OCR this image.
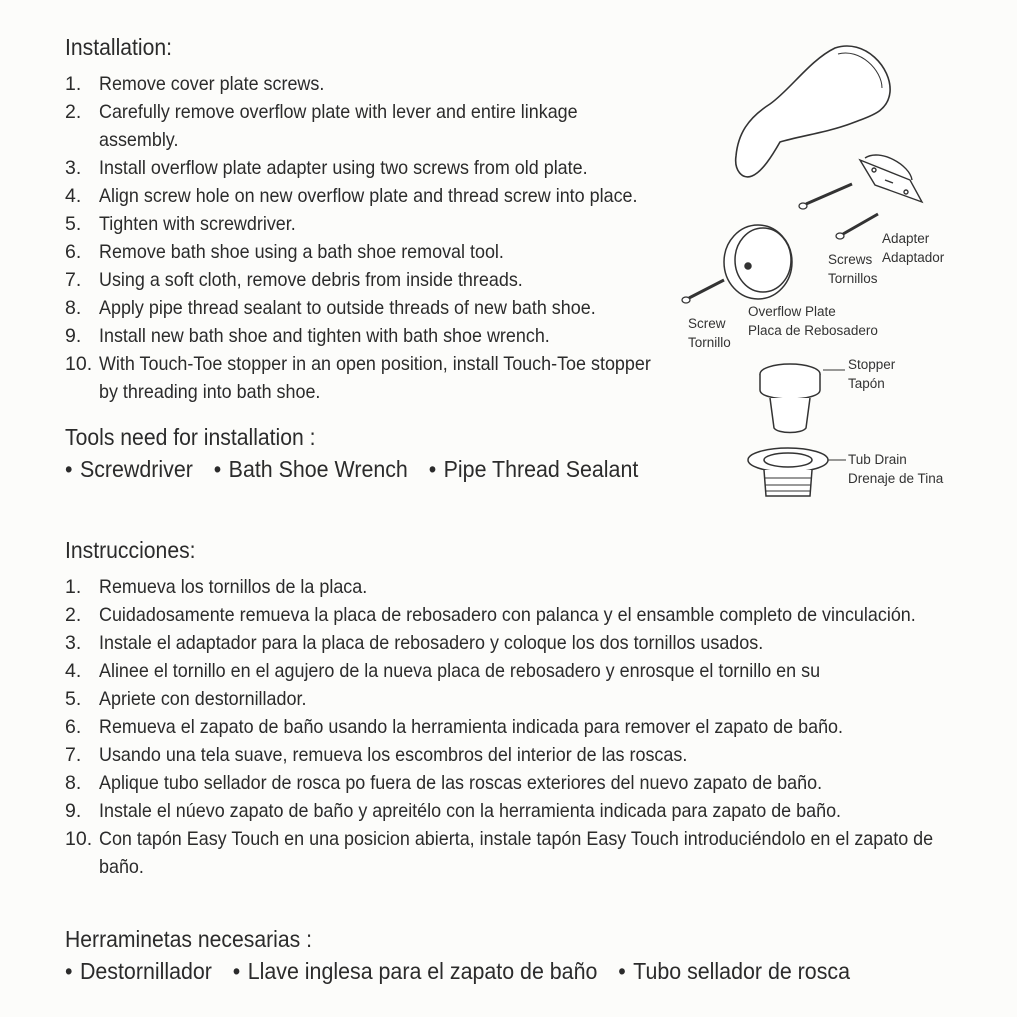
Installation:
1. Remove cover plate screws.
2. Carefully remove overflow plate with lever and entire linkage assembly.
3. Install overflow plate adapter using two screws from old plate.
4. Align screw hole on new overflow plate and thread screw into place.
5. Tighten with screwdriver.
6. Remove bath shoe using a bath shoe removal tool.
7. Using a soft cloth, remove debris from inside threads.
8. Apply pipe thread sealant to outside threads of new bath shoe.
9. Install new bath shoe and tighten with bath shoe wrench.
10. With Touch-Toe stopper in an open position, install Touch-Toe stopper by threading into bath shoe.
Tools need for installation :
• Screwdriver • Bath Shoe Wrench • Pipe Thread Sealant
Adapter
Adaptador
Screws
Tornillos
Overflow Plate
Placa de Rebosadero
Screw
Tornillo
Stopper
Tapón
Tub Drain
Drenaje de Tina
Instrucciones:
1. Remueva los tornillos de la placa.
2. Cuidadosamente remueva la placa de rebosadero con palanca y el ensamble completo de vinculación.
3. Instale el adaptador para la placa de rebosadero y coloque los dos tornillos usados.
4. Alinee el tornillo en el agujero de la nueva placa de rebosadero y enrosque el tornillo en su
5. Apriete con destornillador.
6. Remueva el zapato de baño usando la herramienta indicada para remover el zapato de baño.
7. Usando una tela suave, remueva los escombros del interior de las roscas.
8. Aplique tubo sellador de rosca po fuera de las roscas exteriores del nuevo zapato de baño.
9. Instale el núevo zapato de baño y apreitélo con la herramienta indicada para zapato de baño.
10. Con tapón Easy Touch en una posicion abierta, instale tapón Easy Touch introduciéndolo en el zapato de baño.
Herraminetas necesarias :
• Destornillador • Llave inglesa para el zapato de baño • Tubo sellador de rosca
